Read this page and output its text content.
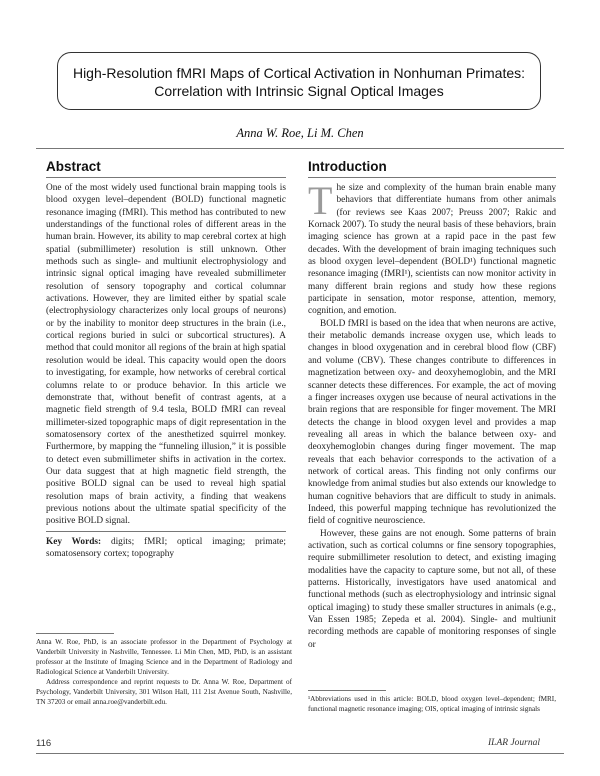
High-Resolution fMRI Maps of Cortical Activation in Nonhuman Primates:
Correlation with Intrinsic Signal Optical Images
Anna W. Roe, Li M. Chen
Abstract

One of the most widely used functional brain mapping tools is blood oxygen level–dependent (BOLD) functional magnetic resonance imaging (fMRI). This method has contributed to new understandings of the functional roles of different areas in the human brain. However, its ability to map cerebral cortex at high spatial (submillimeter) resolution is still unknown. Other methods such as single- and multiunit electrophysiology and intrinsic signal optical imaging have revealed submillimeter resolution of sensory topography and cortical columnar activations. However, they are limited either by spatial scale (electrophysiology characterizes only local groups of neurons) or by the inability to monitor deep structures in the brain (i.e., cortical regions buried in sulci or subcortical structures). A method that could monitor all regions of the brain at high spatial resolution would be ideal. This capacity would open the doors to investigating, for example, how networks of cerebral cortical columns relate to or produce behavior. In this article we demonstrate that, without benefit of contrast agents, at a magnetic field strength of 9.4 tesla, BOLD fMRI can reveal millimeter-sized topographic maps of digit representation in the somatosensory cortex of the anesthetized squirrel monkey. Furthermore, by mapping the “funneling illusion,” it is possible to detect even submillimeter shifts in activation in the cortex. Our data suggest that at high magnetic field strength, the positive BOLD signal can be used to reveal high spatial resolution maps of brain activity, a finding that weakens previous notions about the ultimate spatial specificity of the positive BOLD signal.

Key Words: digits; fMRI; optical imaging; primate; somatosensory cortex; topography

Anna W. Roe, PhD, is an associate professor in the Department of Psychology at Vanderbilt University in Nashville, Tennessee. Li Min Chen, MD, PhD, is an assistant professor at the Institute of Imaging Science and in the Department of Radiology and Radiological Science at Vanderbilt University.

Address correspondence and reprint requests to Dr. Anna W. Roe, Department of Psychology, Vanderbilt University, 301 Wilson Hall, 111 21st Avenue South, Nashville, TN 37203 or email anna.roe@vanderbilt.edu.

Introduction

The size and complexity of the human brain enable many behaviors that differentiate humans from other animals (for reviews see Kaas 2007; Preuss 2007; Rakic and Kornack 2007). To study the neural basis of these behaviors, brain imaging science has grown at a rapid pace in the past few decades. With the development of brain imaging techniques such as blood oxygen level–dependent (BOLD¹) functional magnetic resonance imaging (fMRI¹), scientists can now monitor activity in many different brain regions and study how these regions participate in sensation, motor response, attention, memory, cognition, and emotion.

BOLD fMRI is based on the idea that when neurons are active, their metabolic demands increase oxygen use, which leads to changes in blood oxygenation and in cerebral blood flow (CBF) and volume (CBV). These changes contribute to differences in magnetization between oxy- and deoxyhemoglobin, and the MRI scanner detects these differences. For example, the act of moving a finger increases oxygen use because of neural activations in the brain regions that are responsible for finger movement. The MRI detects the change in blood oxygen level and provides a map revealing all areas in which the balance between oxy- and deoxyhemoglobin changes during finger movement. The map reveals that each behavior corresponds to the activation of a network of cortical areas. This finding not only confirms our knowledge from animal studies but also extends our knowledge to human cognitive behaviors that are difficult to study in animals. Indeed, this powerful mapping technique has revolutionized the field of cognitive neuroscience.

However, these gains are not enough. Some patterns of brain activation, such as cortical columns or fine sensory topographies, require submillimeter resolution to detect, and existing imaging modalities have the capacity to capture some, but not all, of these patterns. Historically, investigators have used anatomical and functional methods (such as electrophysiology and intrinsic signal optical imaging) to study these smaller structures in animals (e.g., Van Essen 1985; Zepeda et al. 2004). Single- and multiunit recording methods are capable of monitoring responses of single or

¹Abbreviations used in this article: BOLD, blood oxygen level–dependent; fMRI, functional magnetic resonance imaging; OIS, optical imaging of intrinsic signals
116	ILAR Journal
